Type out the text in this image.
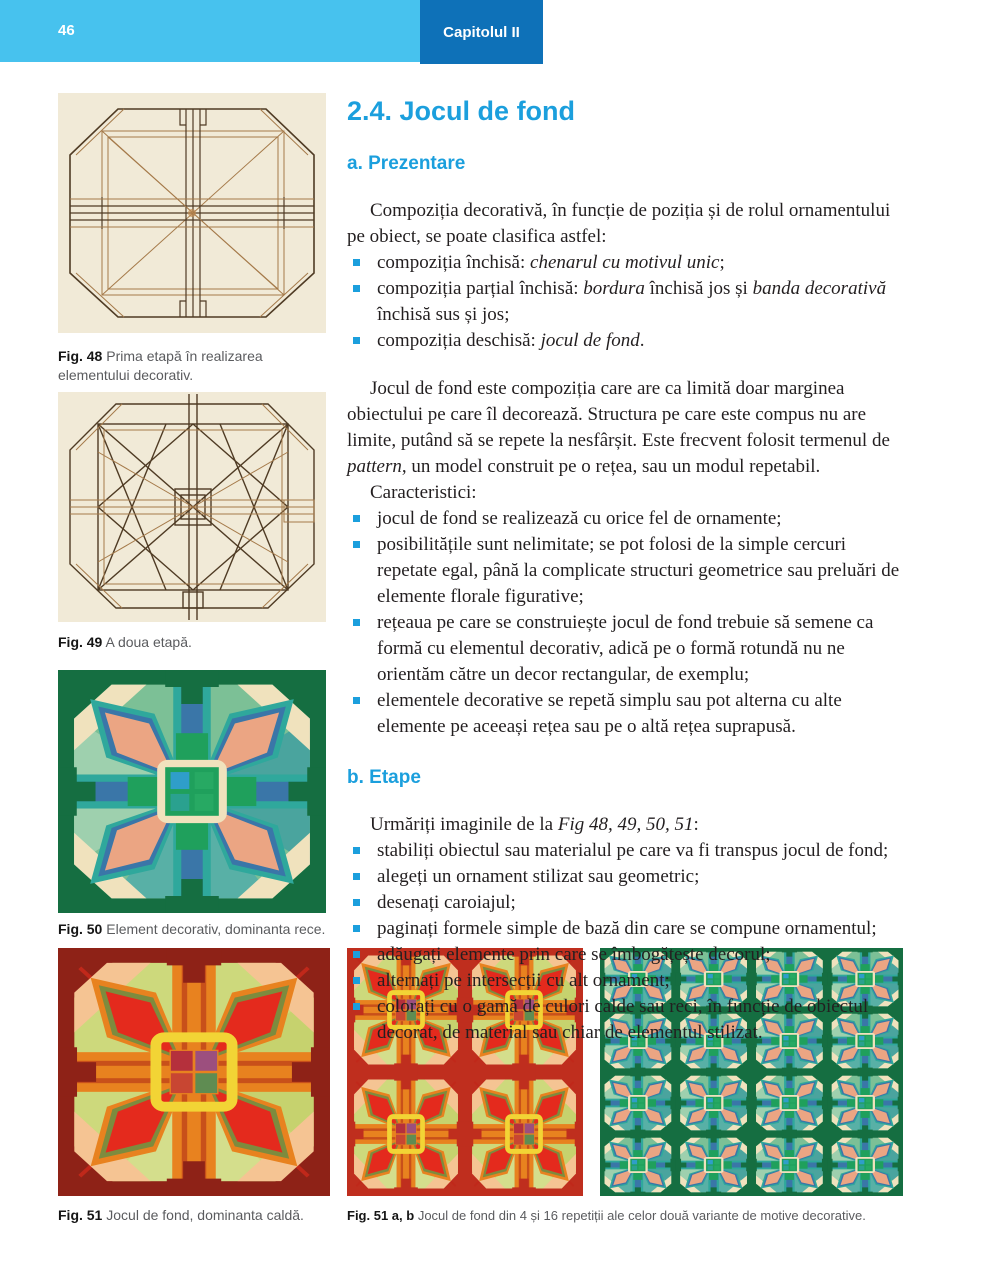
46	Compoziția
Capitolul II
Fig. 48 Prima etapă în realizarea elementului decorativ.
Fig. 49 A doua etapă.
Fig. 50 Element decorativ, dominanta rece.
Fig. 51 Jocul de fond, dominanta caldă.	Fig. 51 a, b Jocul de fond din 4 și 16 repetiții ale celor două variante de motive decorative.
2.4. Jocul de fond
a. Prezentare

Compoziția decorativă, în funcție de poziția și de rolul ornamentului pe obiect, se poate clasifica astfel:

compoziția închisă: chenarul cu motivul unic;
compoziția parțial închisă: bordura închisă jos și banda decorativă închisă sus și jos;
compoziția deschisă: jocul de fond.

Jocul de fond este compoziția care are ca limită doar marginea obiectului pe care îl decorează. Structura pe care este compus nu are limite, putând să se repete la nesfârșit. Este frecvent folosit termenul de pattern, un model construit pe o rețea, sau un modul repetabil.

Caracteristici:

jocul de fond se realizează cu orice fel de ornamente;
posibilitățile sunt nelimitate; se pot folosi de la simple cercuri repetate egal, până la complicate structuri geometrice sau preluări de elemente florale figurative;
rețeaua pe care se construiește jocul de fond trebuie să semene ca formă cu elementul decorativ, adică pe o formă rotundă nu ne orientăm către un decor rectangular, de exemplu;
elementele decorative se repetă simplu sau pot alterna cu alte elemente pe aceeași rețea sau pe o altă rețea suprapusă.
b. Etape

Urmăriți imaginile de la Fig 48, 49, 50, 51:

stabiliți obiectul sau materialul pe care va fi transpus jocul de fond;
alegeți un ornament stilizat sau geometric;
desenați caroiajul;
paginați formele simple de bază din care se compune ornamentul;
adăugați elemente prin care se îmbogățește decorul;
alternați pe intersecții cu alt ornament;
colorați cu o gamă de culori calde sau reci, în funcție de obiectul decorat, de material sau chiar de elementul stilizat.
